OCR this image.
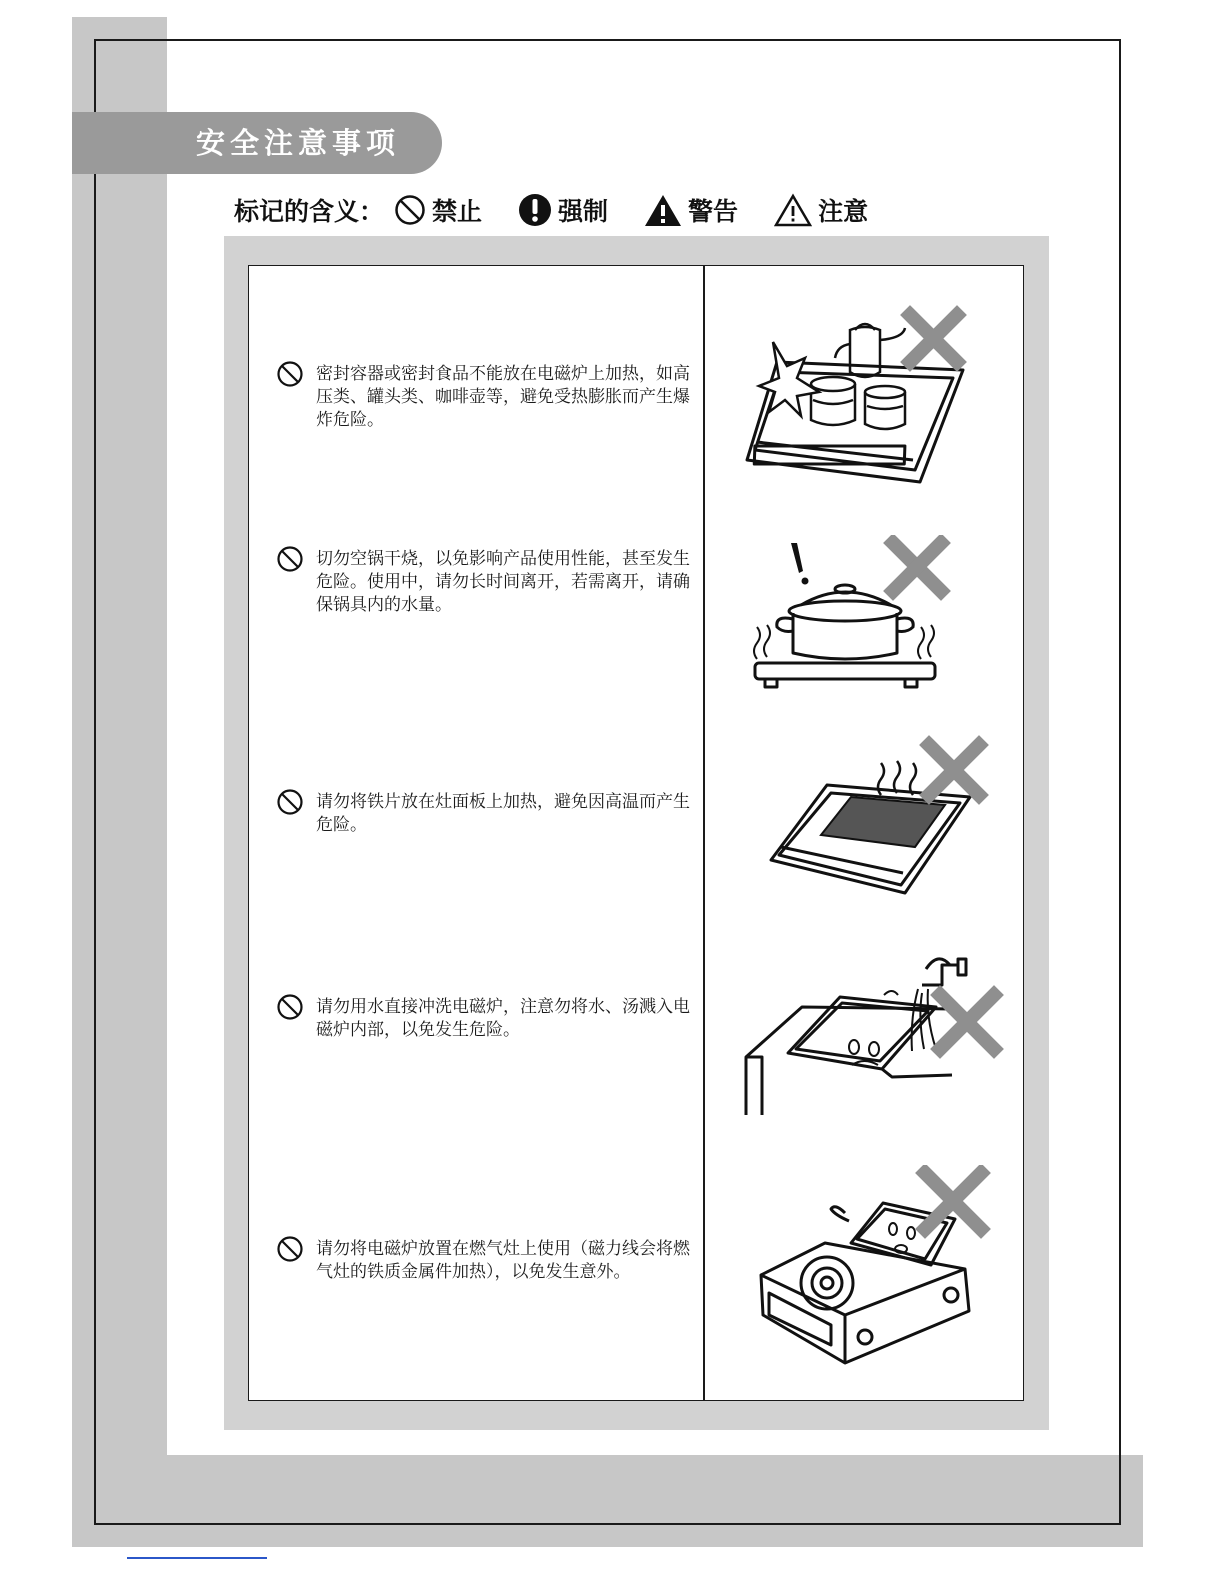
安全注意事项
标记的含义： 禁止	强制	警告	注意
密封容器或密封食品不能放在电磁炉上加热，如高压类、罐头类、咖啡壶等，避免受热膨胀而产生爆炸危险。
切勿空锅干烧，以免影响产品使用性能，甚至发生危险。使用中，请勿长时间离开，若需离开，请确保锅具内的水量。
请勿将铁片放在灶面板上加热，避免因高温而产生危险。
请勿用水直接冲洗电磁炉，注意勿将水、汤溅入电磁炉内部，以免发生危险。
请勿将电磁炉放置在燃气灶上使用（磁力线会将燃气灶的铁质金属件加热），以免发生意外。
